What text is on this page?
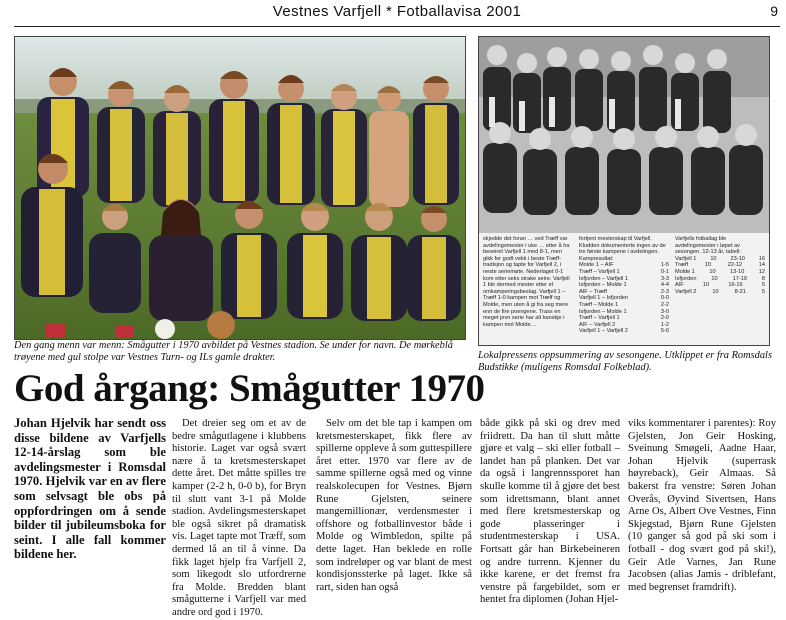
Vestnes Varfjell * Fotballavisa 2001	9
skjedde det foran … ved Træff var avdelingsmester i uke … etter å ha beseiret Varfjell 1 med 8-1, men gikk for godt vekk i beste Træff-tradisjon og tapte for Varfjell 2, i neste seriemøte. Nederlaget 0-1 kom etter seks strake seire. Varfjell 1 ble dermed mester etter et omkamperingsbeslag. Varfjell 1 – Træff 1-0 kampen mot Træff og Molde, men uten å gi fra seg mere enn de fire poengene. Trass en meget jevn serie har alt kanskje i kampen mot Molde…
fortjent mesterskap til Varfjell. Kludden dokumenterte ingen av de tre første kampene i avdelingen. Kampresultat:
Molde 1 – AIF	1-5
Træff – Varfjell 1	0-1
Isfjorden – Varfjell 1	3-3
Isfjorden – Molde 1	4-4
AIF – Træff	2-3
Varfjell 1 – Isfjorden	0-0
Træff – Molde 1	2-2
Isfjorden – Molde 1	3-0
Træff – Varfjell 1	2-0
AIF – Varfjell 2	1-2
Varfjell 1 – Varfjell 2	5-0
Varfjells fotballag ble avdelingsmester i løpet av sesongen. 12-13 år, tabell:
Varfjell 1 10 23-10 16
Træff	10	22-12	14
Molde 1	10	13-10	12
Isfjorden	10	17-19	8
AIF	10	16-16	5
Varfjell 2	10	8-21	5
Den gang menn var menn: Smågutter i 1970 avbildet på Vestnes stadion. Se under for navn. De mørkeblå trøyene med gul stolpe var Vestnes Turn- og ILs gamle drakter.	Lokalpressens oppsummering av sesongene. Utklippet er fra Romsdals Budstikke (muligens Romsdal Folkeblad).
God årgang: Smågutter 1970
Johan Hjelvik har sendt oss disse bildene av Varfjells 12-14-årslag som ble avdelingsmester i Romsdal 1970. Hjelvik var en av flere som selvsagt ble obs på oppfordringen om å sende bilder til jubileumsboka for seint. I alle fall kommer bildene her.

Det dreier seg om et av de bedre smågutlagene i klubbens historie. Laget var også svært nære å ta kretsmesterskapet dette året. Det måtte spilles tre kamper (2-2 h, 0-0 b), for Bryn til slutt vant 3-1 på Molde stadion. Avdelingsmesterskapet ble også sikret på dramatisk vis. Laget tapte mot Træff, som dermed lå an til å vinne. Da fikk laget hjelp fra Varfjell 2, som likegodt slo utfordrerne fra Molde. Bredden blant smågutterne i Varfjell var med andre ord god i 1970.

Selv om det ble tap i kampen om kretsmesterskapet, fikk flere av spillerne oppleve å som guttespillere året etter. 1970 var flere av de samme spillerne også med og vinne realskolecupen for Vestnes. Bjørn Rune Gjelsten, seinere mangemillionær, verdensmester i offshore og fotballinvestor både i Molde og Wimbledon, spilte på dette laget. Han beklede en rolle som indreløper og var blant de mest kondisjonssterke på laget. Ikke så rart, siden han også

både gikk på ski og drev med friidrett. Da han til slutt måtte gjøre et valg – ski eller fotball – landet han på planken. Det var da også i langrennssporet han skulle komme til å gjøre det best som idrettsmann, blant annet med flere kretsmesterskap og gode plasseringer i studentmesterskap i USA. Fortsatt går han Birkebeineren og andre turrenn. Kjenner du ikke karene, er det fremst fra venstre på fargebildet, som er hentet fra diplomen (Johan Hjel-

viks kommentarer i parentes): Roy Gjelsten, Jon Geir Hosking, Sveinung Smøgeli, Aadne Haar, Johan Hjelvik (superrask høyreback), Geir Almaas. Så bakerst fra venstre: Søren Johan Overås, Øyvind Sivertsen, Hans Arne Os, Albert Ove Vestnes, Finn Skjegstad, Bjørn Rune Gjelsten (10 ganger så god på ski som i fotball - dog svært god på ski!), Geir Atle Varnes, Jan Rune Jacobsen (alias Jamis - driblefant, med begrenset framdrift).
